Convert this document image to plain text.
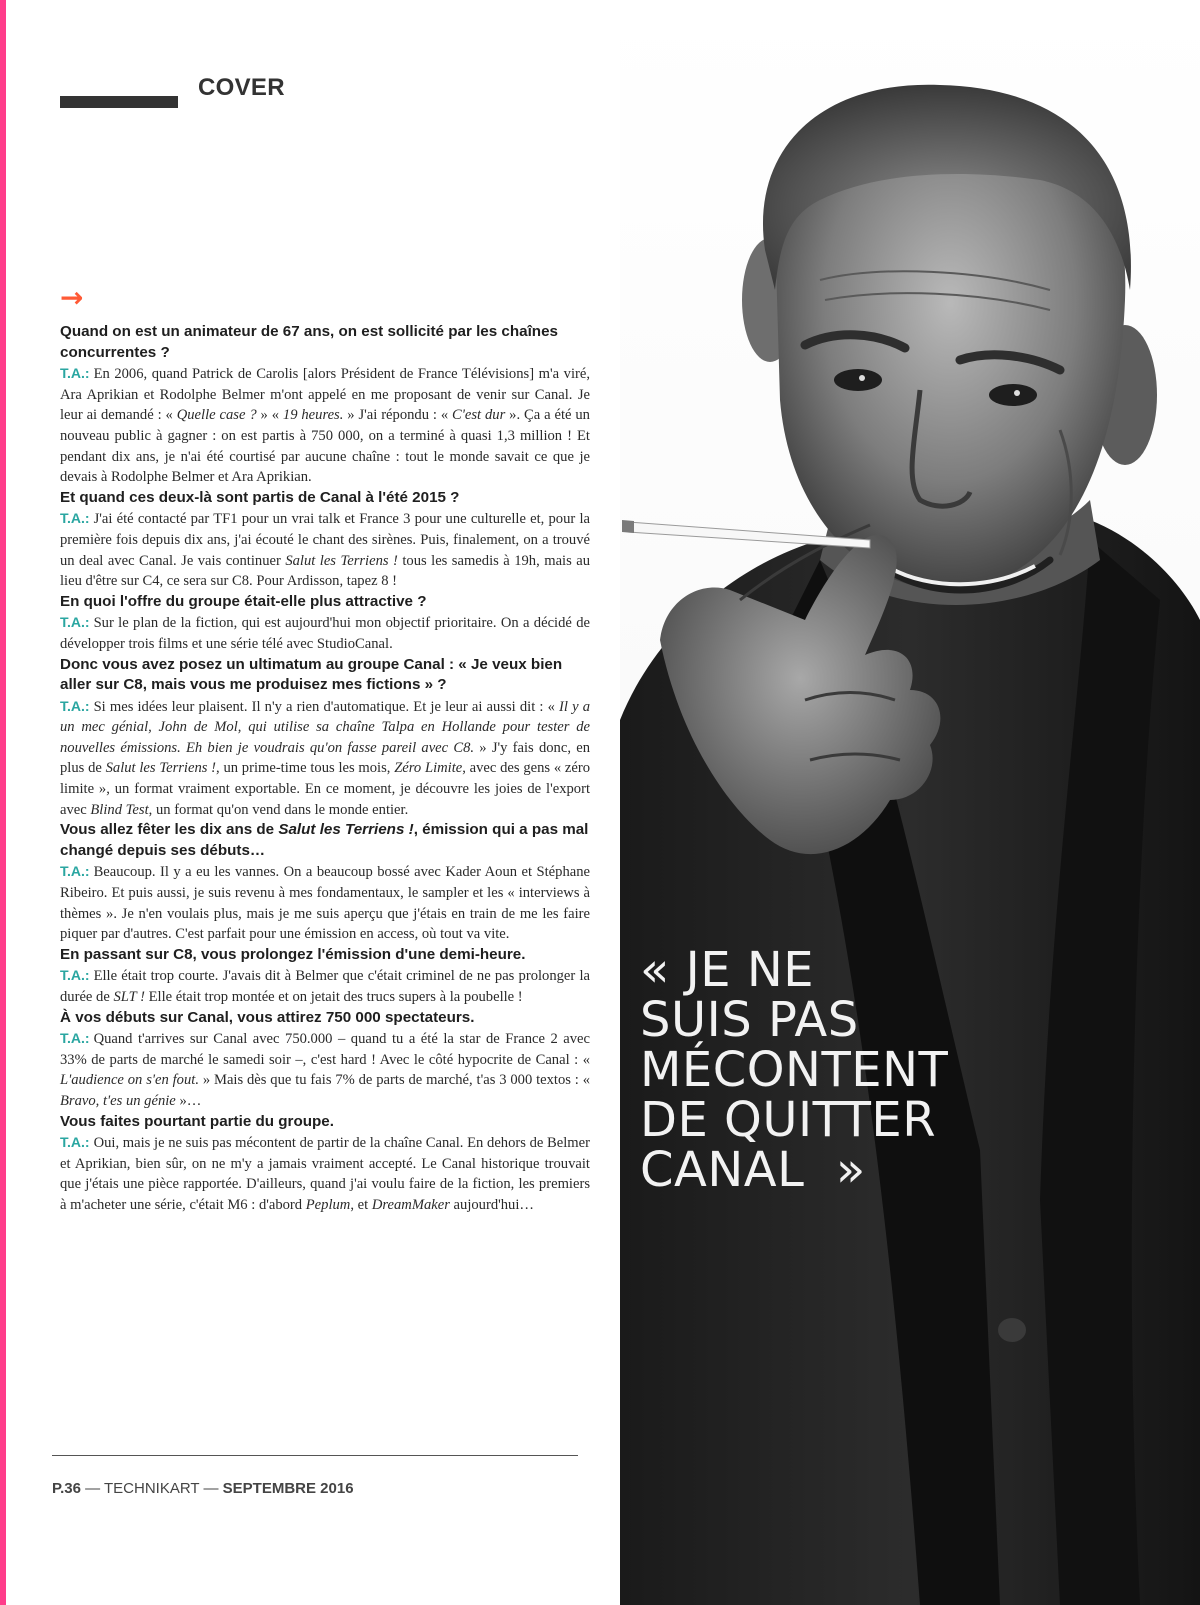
COVER
→

Quand on est un animateur de 67 ans, on est sollicité par les chaînes concurrentes ?

T.A.: En 2006, quand Patrick de Carolis [alors Président de France Télévisions] m'a viré, Ara Aprikian et Rodolphe Belmer m'ont appelé en me proposant de venir sur Canal. Je leur ai demandé : « Quelle case ? » « 19 heures. » J'ai répondu : « C'est dur ». Ça a été un nouveau public à gagner : on est partis à 750 000, on a terminé à quasi 1,3 million ! Et pendant dix ans, je n'ai été courtisé par aucune chaîne : tout le monde savait ce que je devais à Rodolphe Belmer et Ara Aprikian.

Et quand ces deux-là sont partis de Canal à l'été 2015 ?

T.A.: J'ai été contacté par TF1 pour un vrai talk et France 3 pour une culturelle et, pour la première fois depuis dix ans, j'ai écouté le chant des sirènes. Puis, finalement, on a trouvé un deal avec Canal. Je vais continuer Salut les Terriens ! tous les samedis à 19h, mais au lieu d'être sur C4, ce sera sur C8. Pour Ardisson, tapez 8 !

En quoi l'offre du groupe était-elle plus attractive ?

T.A.: Sur le plan de la fiction, qui est aujourd'hui mon objectif prioritaire. On a décidé de développer trois films et une série télé avec StudioCanal.

Donc vous avez posez un ultimatum au groupe Canal : « Je veux bien aller sur C8, mais vous me produisez mes fictions » ?

T.A.: Si mes idées leur plaisent. Il n'y a rien d'automatique. Et je leur ai aussi dit : « Il y a un mec génial, John de Mol, qui utilise sa chaîne Talpa en Hollande pour tester de nouvelles émissions. Eh bien je voudrais qu'on fasse pareil avec C8. » J'y fais donc, en plus de Salut les Terriens !, un prime-time tous les mois, Zéro Limite, avec des gens « zéro limite », un format vraiment exportable. En ce moment, je découvre les joies de l'export avec Blind Test, un format qu'on vend dans le monde entier.

Vous allez fêter les dix ans de Salut les Terriens !, émission qui a pas mal changé depuis ses débuts…

T.A.: Beaucoup. Il y a eu les vannes. On a beaucoup bossé avec Kader Aoun et Stéphane Ribeiro. Et puis aussi, je suis revenu à mes fondamentaux, le sampler et les « interviews à thèmes ». Je n'en voulais plus, mais je me suis aperçu que j'étais en train de me les faire piquer par d'autres. C'est parfait pour une émission en access, où tout va vite.

En passant sur C8, vous prolongez l'émission d'une demi-heure.

T.A.: Elle était trop courte. J'avais dit à Belmer que c'était criminel de ne pas prolonger la durée de SLT ! Elle était trop montée et on jetait des trucs supers à la poubelle !

À vos débuts sur Canal, vous attirez 750 000 spectateurs.

T.A.: Quand t'arrives sur Canal avec 750.000 – quand tu a été la star de France 2 avec 33% de parts de marché le samedi soir –, c'est hard ! Avec le côté hypocrite de Canal : « L'audience on s'en fout. » Mais dès que tu fais 7% de parts de marché, t'as 3 000 textos : « Bravo, t'es un génie »…

Vous faites pourtant partie du groupe.

T.A.: Oui, mais je ne suis pas mécontent de partir de la chaîne Canal. En dehors de Belmer et Aprikian, bien sûr, on ne m'y a jamais vraiment accepté. Le Canal historique trouvait que j'étais une pièce rapportée. D'ailleurs, quand j'ai voulu faire de la fiction, les premiers à m'acheter une série, c'était M6 : d'abord Peplum, et DreamMaker aujourd'hui…

P.36 — TECHNIKART — SEPTEMBRE 2016
« JE NE
SUIS PAS
MÉCONTENT
DE QUITTER
CANAL  »
